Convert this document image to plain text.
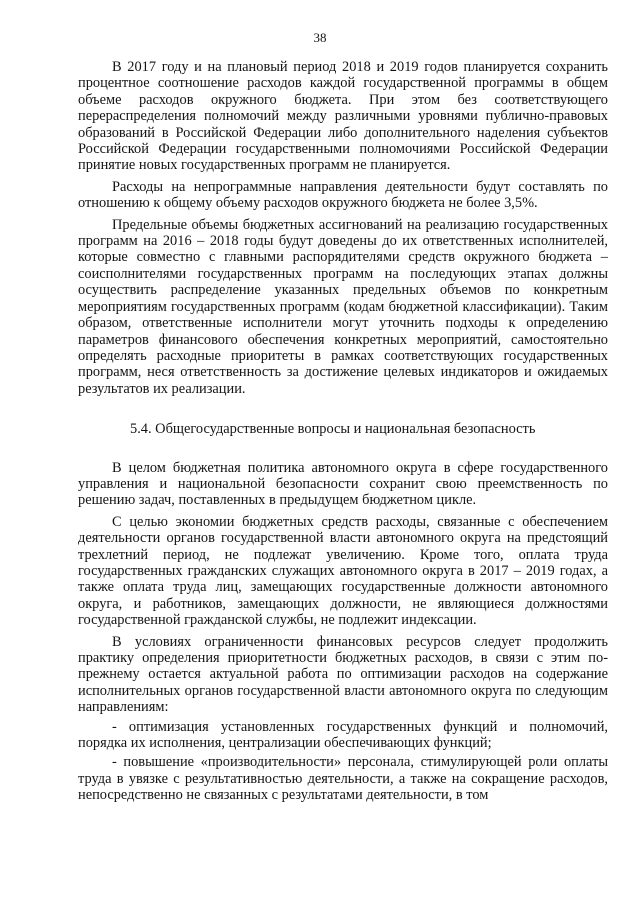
38

В 2017 году и на плановый период 2018 и 2019 годов планируется сохранить процентное соотношение расходов каждой государственной программы в общем объеме расходов окружного бюджета. При этом без соответствующего перераспределения полномочий между различными уровнями публично-правовых образований в Российской Федерации либо дополнительного наделения субъектов Российской Федерации государственными полномочиями Российской Федерации принятие новых государственных программ не планируется.

Расходы на непрограммные направления деятельности будут составлять по отношению к общему объему расходов окружного бюджета не более 3,5%.

Предельные объемы бюджетных ассигнований на реализацию государственных программ на 2016 – 2018 годы будут доведены до их ответственных исполнителей, которые совместно с главными распорядителями средств окружного бюджета – соисполнителями государственных программ на последующих этапах должны осуществить распределение указанных предельных объемов по конкретным мероприятиям государственных программ (кодам бюджетной классификации). Таким образом, ответственные исполнители могут уточнить подходы к определению параметров финансового обеспечения конкретных мероприятий, самостоятельно определять расходные приоритеты в рамках соответствующих государственных программ, неся ответственность за достижение целевых индикаторов и ожидаемых результатов их реализации.

5.4. Общегосударственные вопросы и национальная безопасность

В целом бюджетная политика автономного округа в сфере государственного управления и национальной безопасности сохранит свою преемственность по решению задач, поставленных в предыдущем бюджетном цикле.

С целью экономии бюджетных средств расходы, связанные с обеспечением деятельности органов государственной власти автономного округа на предстоящий трехлетний период, не подлежат увеличению. Кроме того, оплата труда государственных гражданских служащих автономного округа в 2017 – 2019 годах, а также оплата труда лиц, замещающих государственные должности автономного округа, и работников, замещающих должности, не являющиеся должностями государственной гражданской службы, не подлежит индексации.

В условиях ограниченности финансовых ресурсов следует продолжить практику определения приоритетности бюджетных расходов, в связи с этим по-прежнему остается актуальной работа по оптимизации расходов на содержание исполнительных органов государственной власти автономного округа по следующим направлениям:

- оптимизация установленных государственных функций и полномочий, порядка их исполнения, централизации обеспечивающих функций;

- повышение «производительности» персонала, стимулирующей роли оплаты труда в увязке с результативностью деятельности, а также на сокращение расходов, непосредственно не связанных с результатами деятельности, в том
